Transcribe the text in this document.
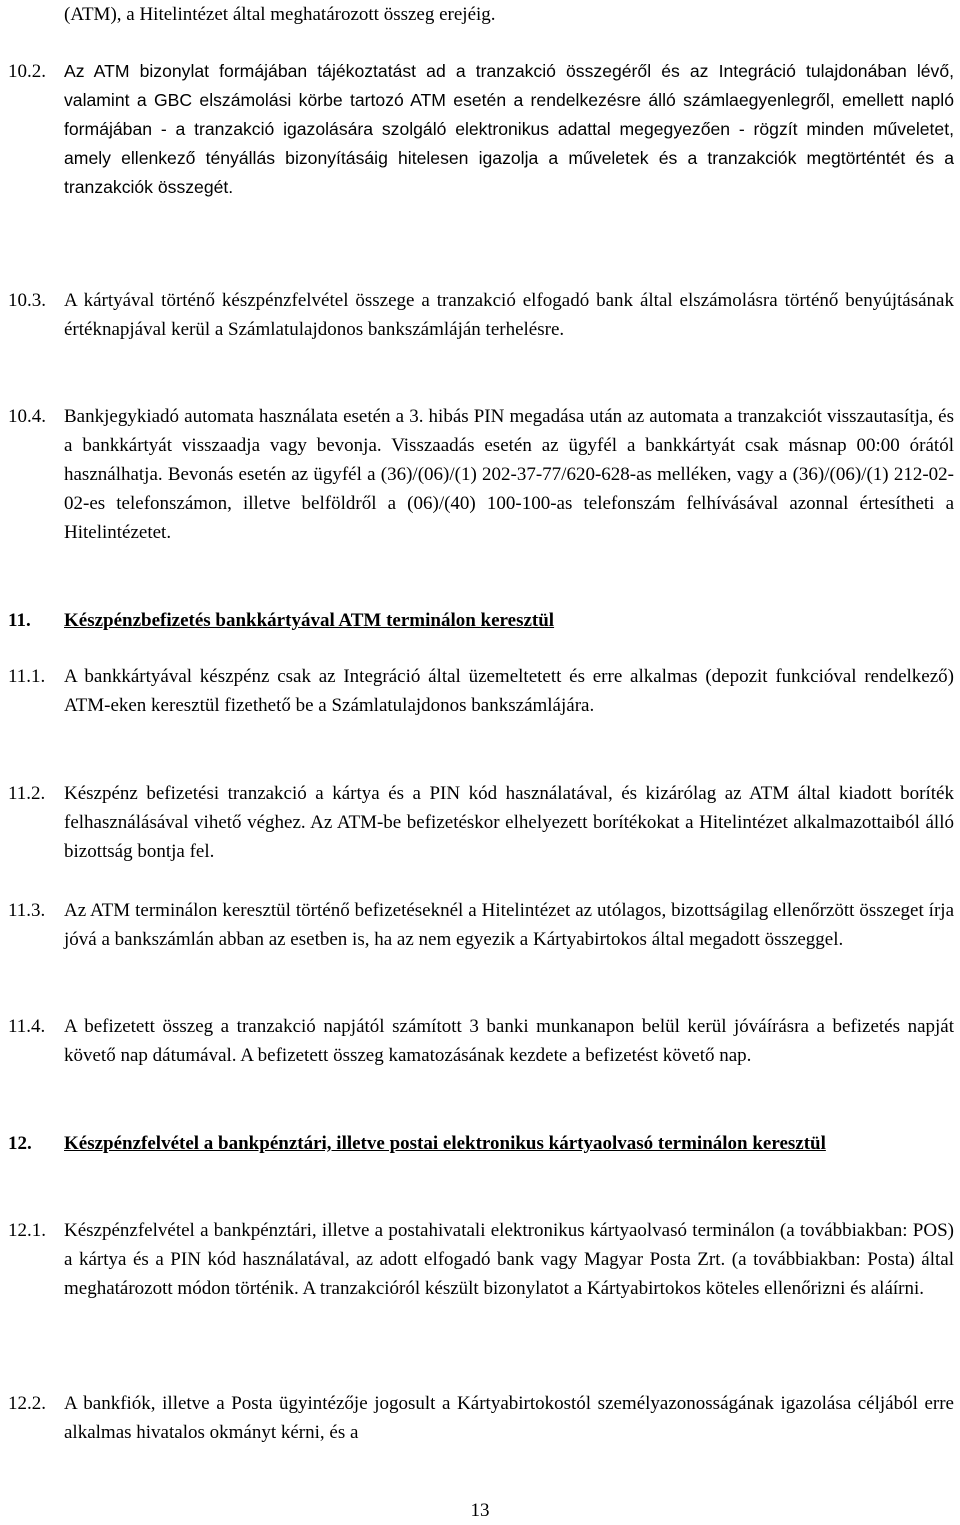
(ATM), a Hitelintézet által meghatározott összeg erejéig.
10.2.	Az ATM bizonylat formájában tájékoztatást ad a tranzakció összegéről és az Integráció tulajdonában lévő, valamint a GBC elszámolási körbe tartozó ATM esetén a rendelkezésre álló számlaegyenlegről, emellett napló formájában - a tranzakció igazolására szolgáló elektronikus adattal megegyezően - rögzít minden műveletet, amely ellenkező tényállás bizonyításáig hitelesen igazolja a műveletek és a tranzakciók megtörténtét és a tranzakciók összegét.
10.3. A kártyával történő készpénzfelvétel összege a tranzakció elfogadó bank által elszámolásra történő benyújtásának értéknapjával kerül a Számlatulajdonos bankszámláján terhelésre.
10.4. Bankjegykiadó automata használata esetén a 3. hibás PIN megadása után az automata a tranzakciót visszautasítja, és a bankkártyát visszaadja vagy bevonja. Visszaadás esetén az ügyfél a bankkártyát csak másnap 00:00 órától használhatja. Bevonás esetén az ügyfél a (36)/(06)/(1) 202-37-77/620-628-as melléken, vagy a (36)/(06)/(1) 212-02-02-es telefonszámon, illetve belföldről a (06)/(40) 100-100-as telefonszám felhívásával azonnal értesítheti a Hitelintézetet.
11.	Készpénzbefizetés bankkártyával ATM terminálon keresztül
11.1. A bankkártyával készpénz csak az Integráció által üzemeltetett és erre alkalmas (depozit funkcióval rendelkező) ATM-eken keresztül fizethető be a Számlatulajdonos bankszámlájára.
11.2. Készpénz befizetési tranzakció a kártya és a PIN kód használatával, és kizárólag az ATM által kiadott boríték felhasználásával vihető véghez. Az ATM-be befizetéskor elhelyezett borítékokat a Hitelintézet alkalmazottaiból álló bizottság bontja fel.
11.3. Az ATM terminálon keresztül történő befizetéseknél a Hitelintézet az utólagos, bizottságilag ellenőrzött összeget írja jóvá a bankszámlán abban az esetben is, ha az nem egyezik a Kártyabirtokos által megadott összeggel.
11.4. A befizetett összeg a tranzakció napjától számított 3 banki munkanapon belül kerül jóváírásra a befizetés napját követő nap dátumával. A befizetett összeg kamatozásának kezdete a befizetést követő nap.
12.	Készpénzfelvétel a bankpénztári, illetve postai elektronikus kártyaolvasó terminálon keresztül
12.1. Készpénzfelvétel a bankpénztári, illetve a postahivatali elektronikus kártyaolvasó terminálon (a továbbiakban: POS) a kártya és a PIN kód használatával, az adott elfogadó bank vagy Magyar Posta Zrt. (a továbbiakban: Posta) által meghatározott módon történik. A tranzakcióról készült bizonylatot a Kártyabirtokos köteles ellenőrizni és aláírni.
12.2. A bankfiók, illetve a Posta ügyintézője jogosult a Kártyabirtokostól személyazonosságának igazolása céljából erre alkalmas hivatalos okmányt kérni, és a
13
